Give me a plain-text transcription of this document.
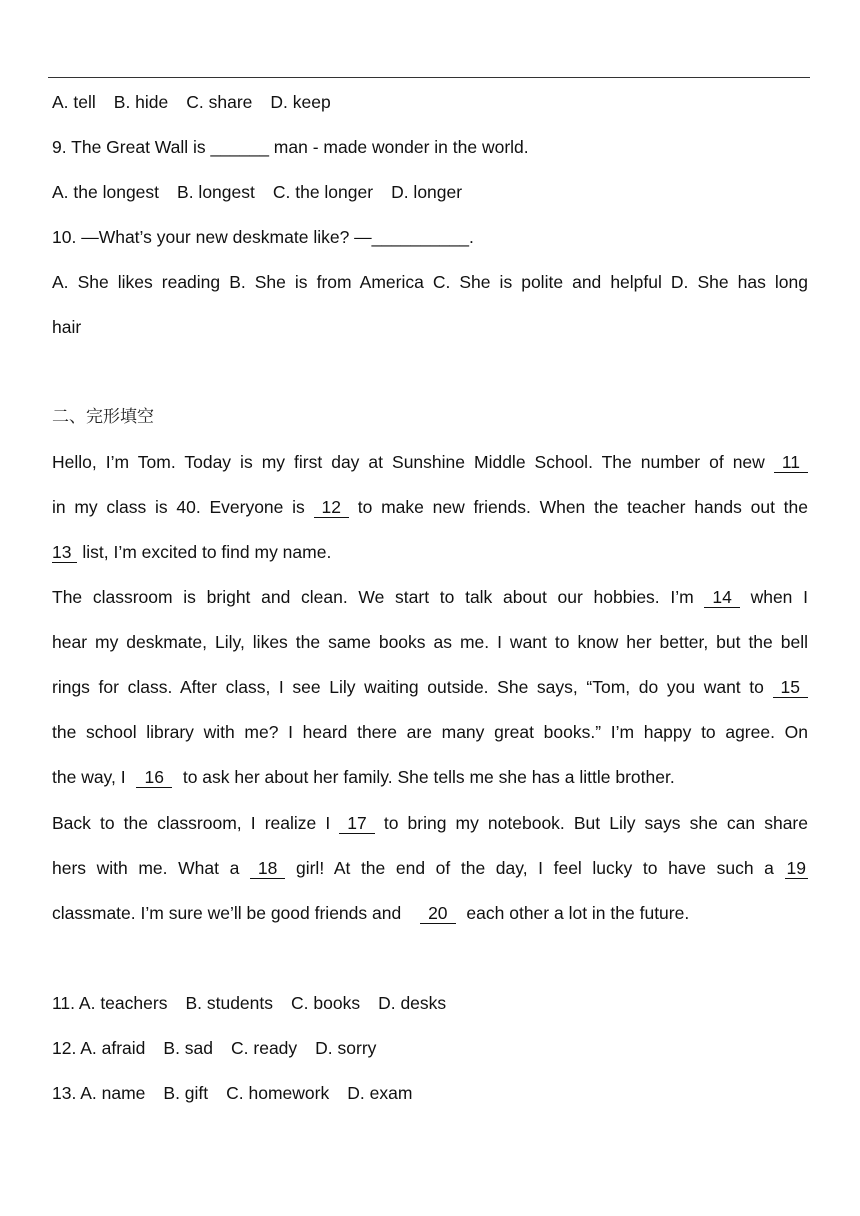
A. tell B. hide C. share D. keep
9. The Great Wall is ______ man - made wonder in the world.
A. the longest B. longest C. the longer D. longer
10. —What’s your new deskmate like? —__________.
A. She likes reading B. She is from America C. She is polite and helpful D. She has long
hair
二、完形填空
Hello, I’m Tom. Today is my first day at Sunshine Middle School. The number of new 11
in my class is 40. Everyone is 12 to make new friends. When the teacher hands out the
13 list, I’m excited to find my name.
The classroom is bright and clean. We start to talk about our hobbies. I’m 14 when I
hear my deskmate, Lily, likes the same books as me. I want to know her better, but the bell
rings for class. After class, I see Lily waiting outside. She says, “Tom, do you want to 15
the school library with me? I heard there are many great books.” I’m happy to agree. On
the way, I 16 to ask her about her family. She tells me she has a little brother.
Back to the classroom, I realize I 17 to bring my notebook. But Lily says she can share
hers with me. What a 18 girl! At the end of the day, I feel lucky to have such a 19
classmate. I’m sure we’ll be good friends and 20 each other a lot in the future.
11. A. teachers B. students C. books D. desks
12. A. afraid B. sad C. ready D. sorry
13. A. name B. gift C. homework D. exam
